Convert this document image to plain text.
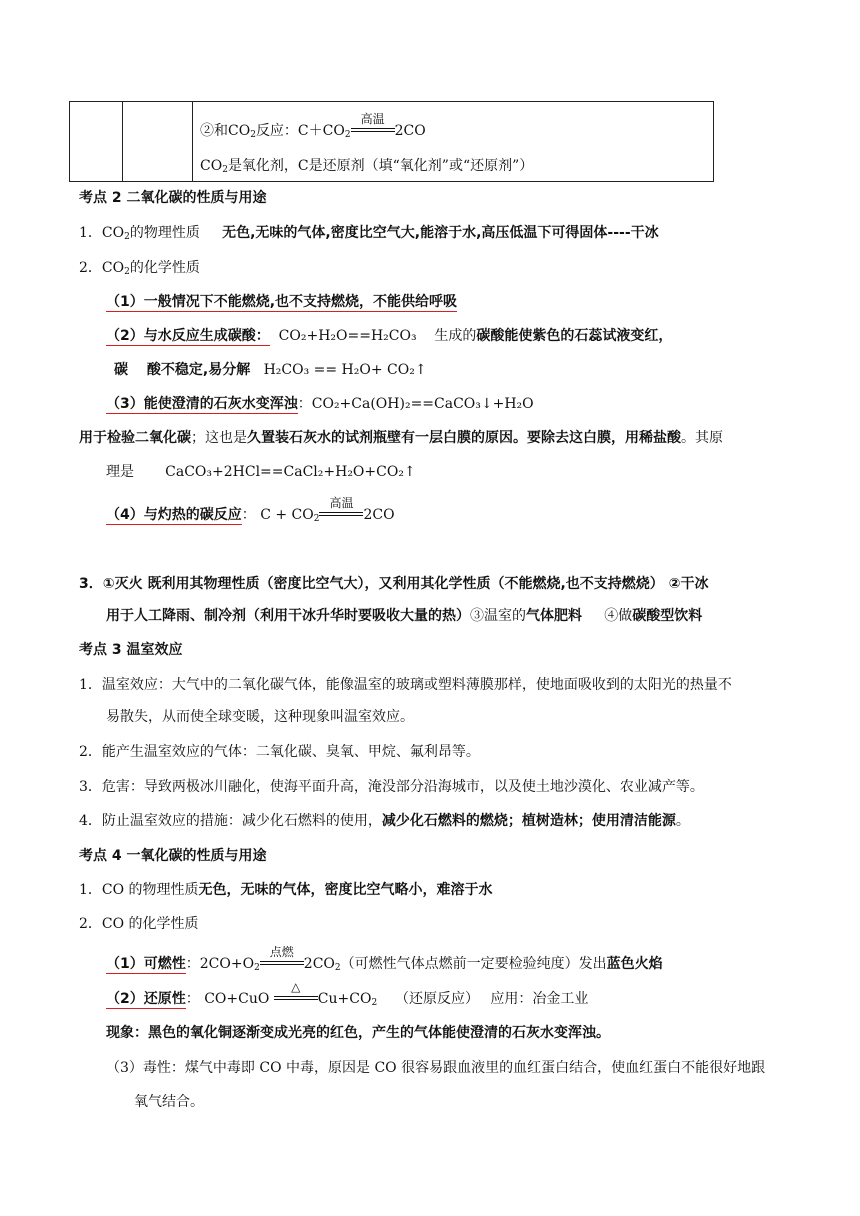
②和$CO_2$反应：$C+CO_2$
高温
2CO
$CO_2$是氧化剂，C是还原剂（填“氧化剂”或“还原剂”）
考点 2 二氧化碳的性质与用途
1．$CO_2$的物理性质 无色,无味的气体,密度比空气大,能溶于水,高压低温下可得固体----干冰
2．$CO_2$的化学性质
（1）一般情况下不能燃烧,也不支持燃烧，不能供给呼吸
（2）与水反应生成碳酸： CO₂+H₂O==H₂CO₃ 生成的碳酸能使紫色的石蕊试液变红，
碳　 酸不稳定,易分解 H₂CO₃ == H₂O+ CO₂↑
（3）能使澄清的石灰水变浑浊：CO₂+Ca(OH)₂==CaCO₃↓+H₂O
用于检验二氧化碳；这也是久置装石灰水的试剂瓶壁有一层白膜的原因。要除去这白膜，用稀盐酸。其原
理是 CaCO₃+2HCl==CaCl₂+H₂O+CO₂↑
（4）与灼热的碳反应： $C + CO_2$
高温
2CO
3．①灭火 既利用其物理性质（密度比空气大），又利用其化学性质（不能燃烧,也不支持燃烧） ②干冰
用于人工降雨、制冷剂（利用干冰升华时要吸收大量的热）③温室的气体肥料 ④做碳酸型饮料
考点 3 温室效应
1．温室效应：大气中的二氧化碳气体，能像温室的玻璃或塑料薄膜那样，使地面吸收到的太阳光的热量不
易散失，从而使全球变暖，这种现象叫温室效应。
2．能产生温室效应的气体：二氧化碳、臭氧、甲烷、氟利昂等。
3．危害：导致两极冰川融化，使海平面升高，淹没部分沿海城市，以及使土地沙漠化、农业减产等。
4．防止温室效应的措施：减少化石燃料的使用，减少化石燃料的燃烧；植树造林；使用清洁能源。
考点 4 一氧化碳的性质与用途
1．CO 的物理性质无色，无味的气体，密度比空气略小，难溶于水
2．CO 的化学性质
（1）可燃性：$2CO+O_2$
点燃
$2CO_2$（可燃性气体点燃前一定要检验纯度）发出蓝色火焰
（2）还原性： CO+CuO
△
$Cu+CO_2$ （还原反应）　 应用：冶金工业
现象：黑色的氧化铜逐渐变成光亮的红色，产生的气体能使澄清的石灰水变浑浊。
（3）毒性：煤气中毒即 CO 中毒，原因是 CO 很容易跟血液里的血红蛋白结合，使血红蛋白不能很好地跟
氧气结合。
